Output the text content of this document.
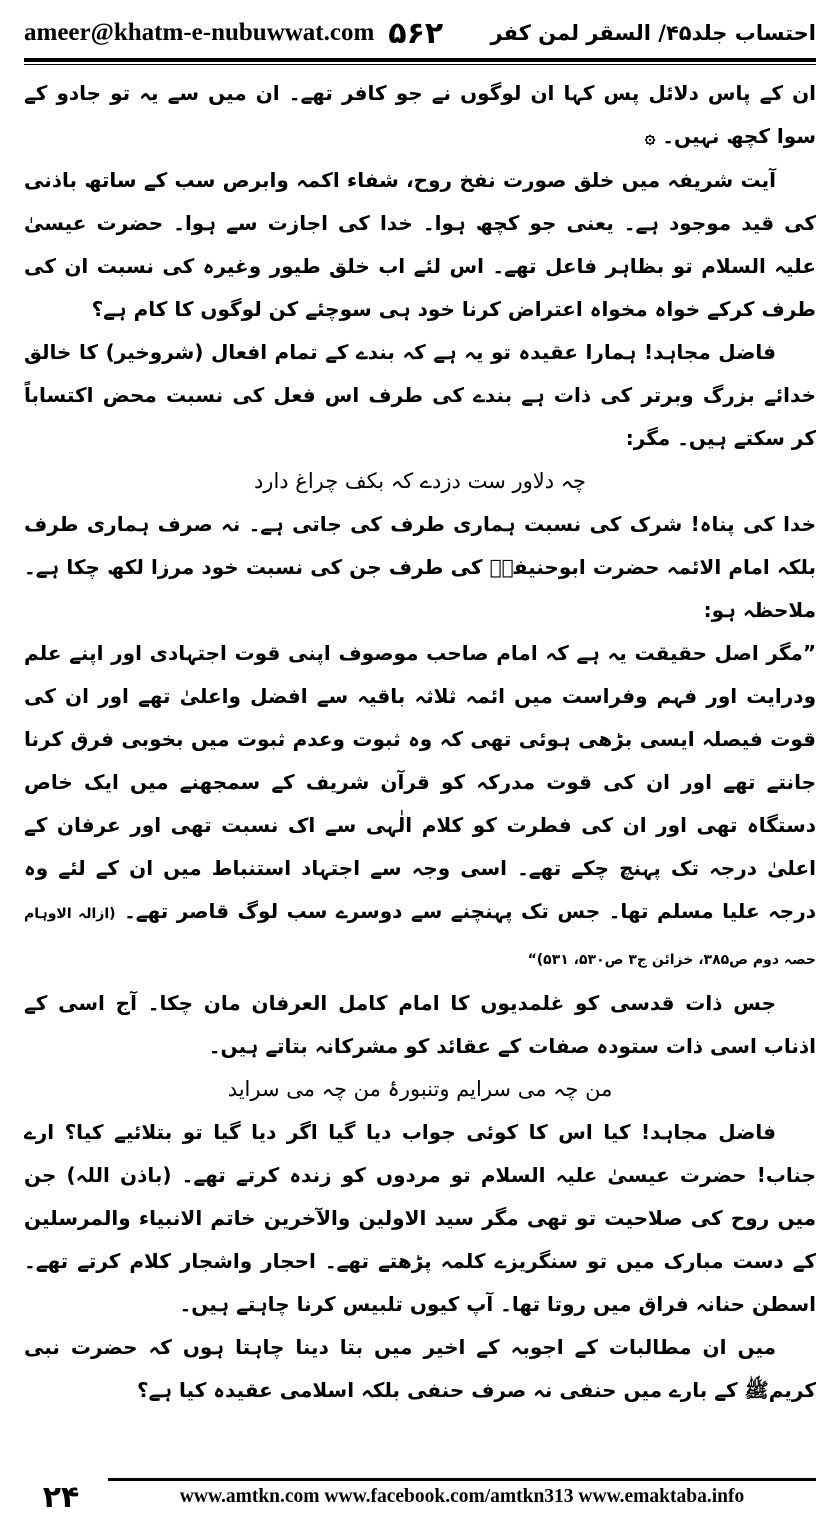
ameer@khatm-e-nubuwwat.com ۵۶۲ احتساب جلد۴۵/ السقر لمن کفر

ان کے پاس دلائل پس کہا ان لوگوں نے جو کافر تھے۔ ان میں سے یہ تو جادو کے سوا کچھ نہیں۔ ۞

آیت شریفہ میں خلق صورت نفخ روح، شفاء اکمہ وابرص سب کے ساتھ باذنی کی قید موجود ہے۔ یعنی جو کچھ ہوا۔ خدا کی اجازت سے ہوا۔ حضرت عیسیٰ علیہ السلام تو بظاہر فاعل تھے۔ اس لئے اب خلق طیور وغیرہ کی نسبت ان کی طرف کرکے خواہ مخواہ اعتراض کرنا خود ہی سوچئے کن لوگوں کا کام ہے؟

فاضل مجاہد! ہمارا عقیدہ تو یہ ہے کہ بندے کے تمام افعال (شروخیر) کا خالق خدائے بزرگ وبرتر کی ذات ہے بندے کی طرف اس فعل کی نسبت محض اکتساباً کر سکتے ہیں۔ مگر:

چہ دلاور ست دزدے کہ بکف چراغ دارد

خدا کی پناہ! شرک کی نسبت ہماری طرف کی جاتی ہے۔ نہ صرف ہماری طرف بلکہ امام الائمہ حضرت ابوحنیفہؒ کی طرف جن کی نسبت خود مرزا لکھ چکا ہے۔ ملاحظہ ہو:

”مگر اصل حقیقت یہ ہے کہ امام صاحب موصوف اپنی قوت اجتہادی اور اپنے علم ودرایت اور فہم وفراست میں ائمہ ثلاثہ باقیہ سے افضل واعلیٰ تھے اور ان کی قوت فیصلہ ایسی بڑھی ہوئی تھی کہ وہ ثبوت وعدم ثبوت میں بخوبی فرق کرنا جانتے تھے اور ان کی قوت مدرکہ کو قرآن شریف کے سمجھنے میں ایک خاص دستگاہ تھی اور ان کی فطرت کو کلام الٰہی سے اک نسبت تھی اور عرفان کے اعلیٰ درجہ تک پہنچ چکے تھے۔ اسی وجہ سے اجتہاد استنباط میں ان کے لئے وہ درجہ علیا مسلم تھا۔ جس تک پہنچنے سے دوسرے سب لوگ قاصر تھے۔ (ازالہ الاوہام حصہ دوم ص۳۸۵، خزائن ج۳ ص۵۳۰، ۵۳۱)“

جس ذات قدسی کو غلمدیوں کا امام کامل العرفان مان چکا۔ آج اسی کے اذناب اسی ذات ستودہ صفات کے عقائد کو مشرکانہ بتاتے ہیں۔

من چہ می سرایم وتنبورۂ من چہ می سراید

فاضل مجاہد! کیا اس کا کوئی جواب دیا گیا اگر دیا گیا تو بتلائیے کیا؟ ارے جناب! حضرت عیسیٰ علیہ السلام تو مردوں کو زندہ کرتے تھے۔ (باذن اللہ) جن میں روح کی صلاحیت تو تھی مگر سید الاولین والآخرین خاتم الانبیاء والمرسلین کے دست مبارک میں تو سنگریزے کلمہ پڑھتے تھے۔ احجار واشجار کلام کرتے تھے۔ اسطن حنانہ فراق میں روتا تھا۔ آپ کیوں تلبیس کرنا چاہتے ہیں۔

میں ان مطالبات کے اجوبہ کے اخیر میں بتا دینا چاہتا ہوں کہ حضرت نبی کریمﷺ کے بارے میں حنفی نہ صرف حنفی بلکہ اسلامی عقیدہ کیا ہے؟

۲۴	www.amtkn.com www.facebook.com/amtkn313 www.emaktaba.info
